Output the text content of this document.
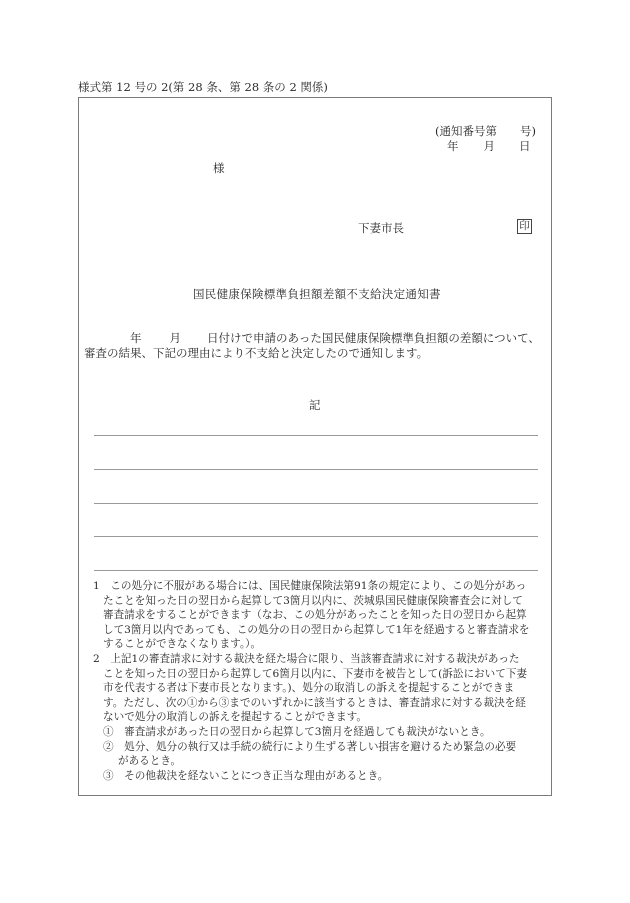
様式第 12 号の 2(第 28 条、第 28 条の 2 関係)
(通知番号第　　号)
年 月 日
様
下妻市長	印
国民健康保険標準負担額差額不支給決定通知書
年 月 日付けで申請のあった国民健康保険標準負担額の差額について、
審査の結果、下記の理由により不支給と決定したので通知します。
記
1　この処分に不服がある場合には、国民健康保険法第91条の規定により、この処分があっ
たことを知った日の翌日から起算して3箇月以内に、茨城県国民健康保険審査会に対して
審査請求をすることができます（なお、この処分があったことを知った日の翌日から起算
して3箇月以内であっても、この処分の日の翌日から起算して1年を経過すると審査請求を
することができなくなります。）。
2　上記1の審査請求に対する裁決を経た場合に限り、当該審査請求に対する裁決があった
ことを知った日の翌日から起算して6箇月以内に、下妻市を被告として(訴訟において下妻
市を代表する者は下妻市長となります。)、処分の取消しの訴えを提起することができま
す。ただし、次の①から③までのいずれかに該当するときは、審査請求に対する裁決を経
ないで処分の取消しの訴えを提起することができます。
①　審査請求があった日の翌日から起算して3箇月を経過しても裁決がないとき。
②　処分、処分の執行又は手続の続行により生ずる著しい損害を避けるため緊急の必要
があるとき。
③　その他裁決を経ないことにつき正当な理由があるとき。
